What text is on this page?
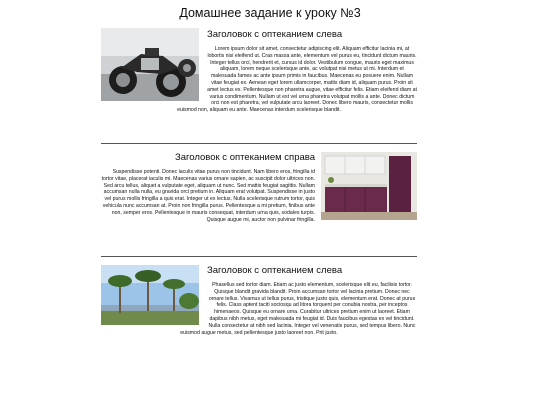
Домашнее задание к уроку №3
Заголовок с оптеканием слева

Lorem ipsum dolor sit amet, consectetur adipiscing elit. Aliquam efficitur lacinia mi, at lobortis nisi eleifend ut. Cras massa ante, elementum vel purus eu, tincidunt dictum mauris. Integer tellus orci, hendrerit et, cursus id dolor. Vestibulum congue, mauris eget maximus aliquam, lorem neque scelerisque ante, ac volutpat nisi metus ut mi. Interdum et malesuada fames ac ante ipsum primis in faucibus. Maecenas eu posuere enim. Nullam vitae feugiat ex. Aenean eget lorem ullamcorper, mattis diam id, aliquam purus. Proin sit amet lectus ex. Pellentesque non pharetra augue, vitae efficitur felis. Etiam eleifend diam at varius condimentum. Nullam ut est vel urna pharetra volutpat mollis a ante. Donec dictum orci non est pharetra, vel vulputate arcu laoreet. Donec libero mauris, consectetur mollis euismod non, aliquam eu ante. Maecenas interdum scelerisque blandit.

Заголовок с оптеканием справа

Suspendisse potenti. Donec iaculis vitae purus non tincidunt. Nam libero eros, fringilla id tortor vitae, placerat iaculis mi. Maecenas varius ornare sapien, ac suscipit dolor ultrices non. Sed arcu tellus, aliquet a vulputate eget, aliquam ut nunc. Sed mattis feugiat sagittis. Nullam accumsan nulla nulla, eu gravida orci pretium in. Aliquam erat volutpat. Suspendisse in justo vel purus mollis fringilla a quis erat. Integer ut ex lectus. Nulla scelerisque rutrum tortor, quis vehicula nunc accumsan at. Proin non fringilla purus. Pellentesque a mi pretium, finibus ante non, semper eros. Pellentesque in mauris consequat, interdum urna quis, sodales turpis. Quisque augue mi, auctor non pulvinar fringilla.

Заголовок с оптеканием слева

Phasellus sed tortor diam. Etiam ac justo elementum, scelerisque elit eu, facilisis tortor. Quisque blandit gravida blandit. Proin accumsan tortor vel lacinia pretium. Donec nec ornare tellus. Vivamus ut tellus purus, tristique justo quis, elementum erat. Donec at purus felis. Class aptent taciti sociosqu ad litora torquent per conubia nostra, per inceptos himenaeos. Quisque eu ornare urna. Curabitur ultrices pretium enim ut laoreet. Etiam dapibus nibh metus, eget malesuada mi feugiat id. Duis faucibus egestas ex vel tincidunt. Nulla consectetur at nibh sed lacinia. Integer vel venenatis purus, sed tempus libero. Nunc euismod augue metus, sed pellentesque justo laoreet non. Prit justo.
